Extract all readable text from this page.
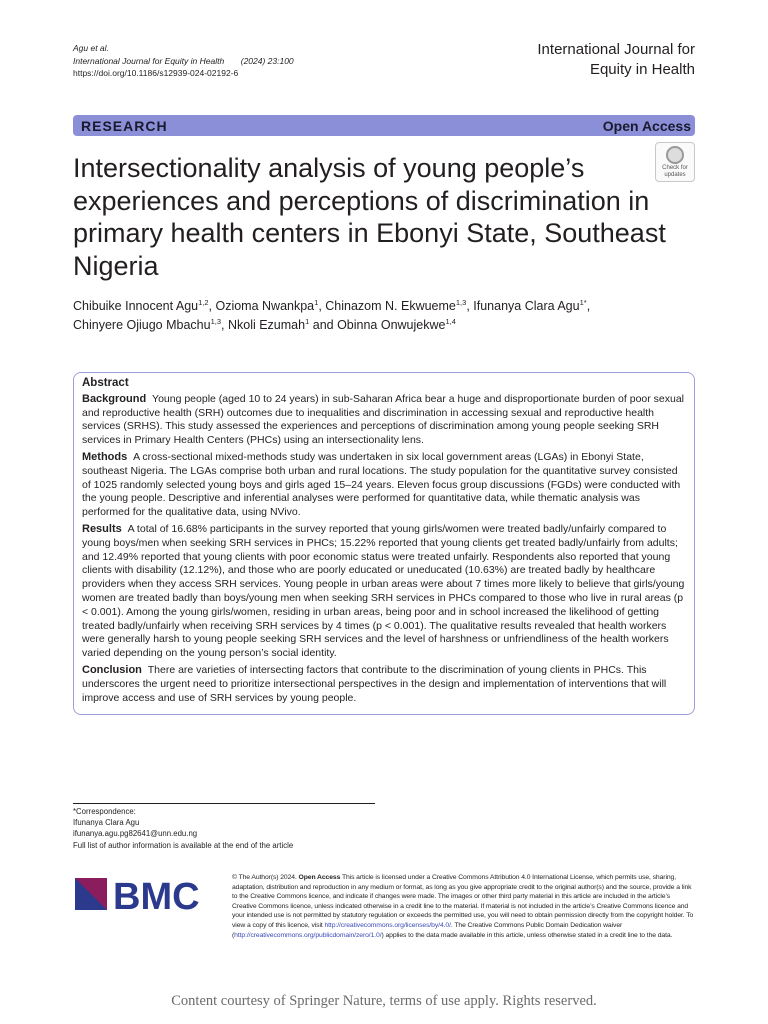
Agu et al.
International Journal for Equity in Health (2024) 23:100
https://doi.org/10.1186/s12939-024-02192-6
International Journal for
Equity in Health
RESEARCH	Open Access
Intersectionality analysis of young people’s experiences and perceptions of discrimination in primary health centers in Ebonyi State, Southeast Nigeria
Check for
updates
Chibuike Innocent Agu$^{1,2}$, Ozioma Nwankpa$^1$, Chinazom N. Ekwueme$^{1,3}$, Ifunanya Clara Agu$^{1*}$,
Chinyere Ojiugo Mbachu$^{1,3}$, Nkoli Ezumah$^1$ and Obinna Onwujekwe$^{1,4}$
Abstract

Background Young people (aged 10 to 24 years) in sub-Saharan Africa bear a huge and disproportionate burden of poor sexual and reproductive health (SRH) outcomes due to inequalities and discrimination in accessing sexual and reproductive health services (SRHS). This study assessed the experiences and perceptions of discrimination among young people seeking SRH services in Primary Health Centers (PHCs) using an intersectionality lens.

Methods A cross-sectional mixed-methods study was undertaken in six local government areas (LGAs) in Ebonyi State, southeast Nigeria. The LGAs comprise both urban and rural locations. The study population for the quantitative survey consisted of 1025 randomly selected young boys and girls aged 15–24 years. Eleven focus group discussions (FGDs) were conducted with the young people. Descriptive and inferential analyses were performed for quantitative data, while thematic analysis was performed for the qualitative data, using NVivo.

Results A total of 16.68% participants in the survey reported that young girls/women were treated badly/unfairly compared to young boys/men when seeking SRH services in PHCs; 15.22% reported that young clients get treated badly/unfairly from adults; and 12.49% reported that young clients with poor economic status were treated unfairly. Respondents also reported that young clients with disability (12.12%), and those who are poorly educated or uneducated (10.63%) are treated badly by healthcare providers when they access SRH services. Young people in urban areas were about 7 times more likely to believe that girls/young women are treated badly than boys/young men when seeking SRH services in PHCs compared to those who live in rural areas (p < 0.001). Among the young girls/women, residing in urban areas, being poor and in school increased the likelihood of getting treated badly/unfairly when receiving SRH services by 4 times (p < 0.001). The qualitative results revealed that health workers were generally harsh to young people seeking SRH services and the level of harshness or unfriendliness of the health workers varied depending on the young person’s social identity.

Conclusion There are varieties of intersecting factors that contribute to the discrimination of young clients in PHCs. This underscores the urgent need to prioritize intersectional perspectives in the design and implementation of interventions that will improve access and use of SRH services by young people.

*Correspondence:
Ifunanya Clara Agu
ifunanya.agu.pg82641@unn.edu.ng
Full list of author information is available at the end of the article
BMC	© The Author(s) 2024. Open Access This article is licensed under a Creative Commons Attribution 4.0 International License, which permits use, sharing, adaptation, distribution and reproduction in any medium or format, as long as you give appropriate credit to the original author(s) and the source, provide a link to the Creative Commons licence, and indicate if changes were made. The images or other third party material in this article are included in the article’s Creative Commons licence, unless indicated otherwise in a credit line to the material. If material is not included in the article’s Creative Commons licence and your intended use is not permitted by statutory regulation or exceeds the permitted use, you will need to obtain permission directly from the copyright holder. To view a copy of this licence, visit http://creativecommons.org/licenses/by/4.0/. The Creative Commons Public Domain Dedication waiver (http://creativecommons.org/publicdomain/zero/1.0/) applies to the data made available in this article, unless otherwise stated in a credit line to the data.
Content courtesy of Springer Nature, terms of use apply. Rights reserved.
